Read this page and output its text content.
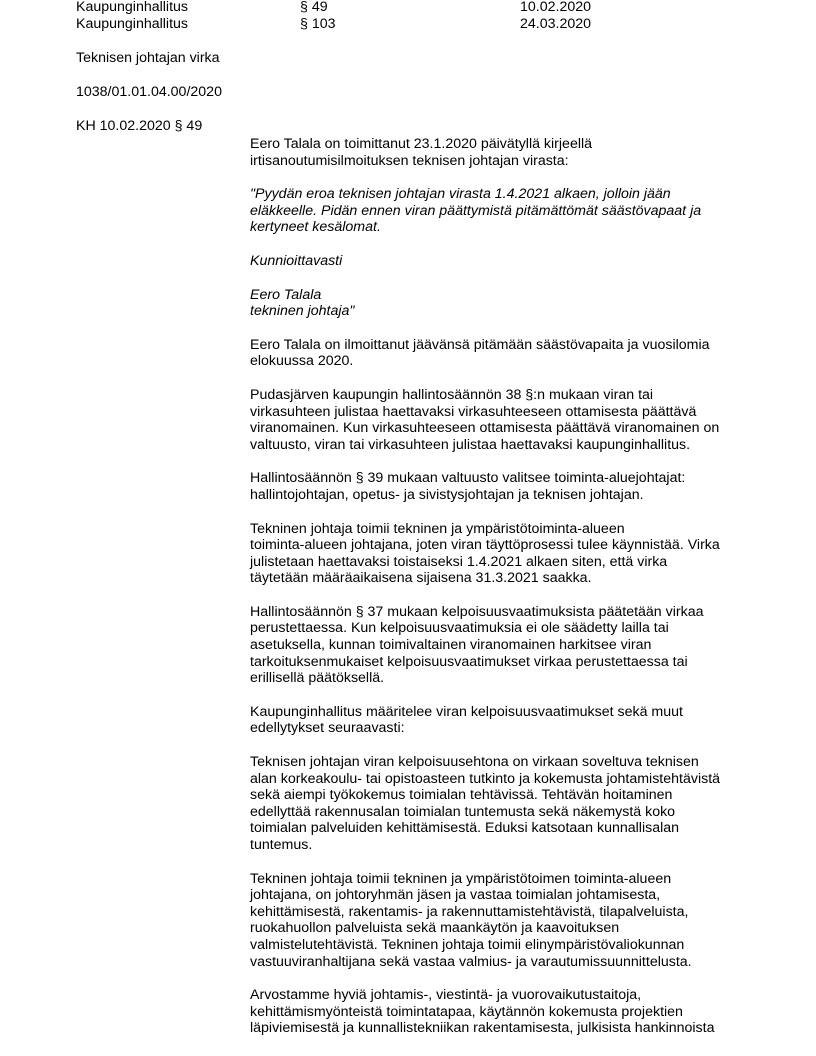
Kaupunginhallitus	§ 49	10.02.2020
Kaupunginhallitus	§ 103	24.03.2020
Teknisen johtajan virka
1038/01.01.04.00/2020
KH 10.02.2020 § 49
Eero Talala on toimittanut 23.1.2020 päivätyllä kirjeellä
irtisanoutumisilmoituksen teknisen johtajan virasta:
"Pyydän eroa teknisen johtajan virasta 1.4.2021 alkaen, jolloin jään
eläkkeelle. Pidän ennen viran päättymistä pitämättömät säästövapaat ja
kertyneet kesälomat.
Kunnioittavasti
Eero Talala
tekninen johtaja"
Eero Talala on ilmoittanut jäävänsä pitämään säästövapaita ja vuosilomia
elokuussa 2020.
Pudasjärven kaupungin hallintosäännön 38 §:n mukaan viran tai
virkasuhteen julistaa haettavaksi virkasuhteeseen ottamisesta päättävä
viranomainen. Kun virkasuhteeseen ottamisesta päättävä viranomainen on
valtuusto, viran tai virkasuhteen julistaa haettavaksi kaupunginhallitus.
Hallintosäännön § 39 mukaan valtuusto valitsee toiminta-aluejohtajat:
hallintojohtajan, opetus- ja sivistysjohtajan ja teknisen johtajan.
Tekninen johtaja toimii tekninen ja ympäristötoiminta-alueen
toiminta-alueen johtajana, joten viran täyttöprosessi tulee käynnistää. Virka
julistetaan haettavaksi toistaiseksi 1.4.2021 alkaen siten, että virka
täytetään määräaikaisena sijaisena 31.3.2021 saakka.
Hallintosäännön § 37 mukaan kelpoisuusvaatimuksista päätetään virkaa
perustettaessa. Kun kelpoisuusvaatimuksia ei ole säädetty lailla tai
asetuksella, kunnan toimivaltainen viranomainen harkitsee viran
tarkoituksenmukaiset kelpoisuusvaatimukset virkaa perustettaessa tai
erillisellä päätöksellä.
Kaupunginhallitus määritelee viran kelpoisuusvaatimukset sekä muut
edellytykset seuraavasti:
Teknisen johtajan viran kelpoisuusehtona on virkaan soveltuva teknisen
alan korkeakoulu- tai opistoasteen tutkinto ja kokemusta johtamistehtävistä
sekä aiempi työkokemus toimialan tehtävissä. Tehtävän hoitaminen
edellyttää rakennusalan toimialan tuntemusta sekä näkemystä koko
toimialan palveluiden kehittämisestä. Eduksi katsotaan kunnallisalan
tuntemus.
Tekninen johtaja toimii tekninen ja ympäristötoimen toiminta-alueen
johtajana, on johtoryhmän jäsen ja vastaa toimialan johtamisesta,
kehittämisestä, rakentamis- ja rakennuttamistehtävistä, tilapalveluista,
ruokahuollon palveluista sekä maankäytön ja kaavoituksen
valmistelutehtävistä. Tekninen johtaja toimii elinympäristövaliokunnan
vastuuviranhaltijana sekä vastaa valmius- ja varautumissuunnittelusta.
Arvostamme hyviä johtamis-, viestintä- ja vuorovaikutustaitoja,
kehittämismyönteistä toimintatapaa, käytännön kokemusta projektien
läpiviemisestä ja kunnallistekniikan rakentamisesta, julkisista hankinnoista
